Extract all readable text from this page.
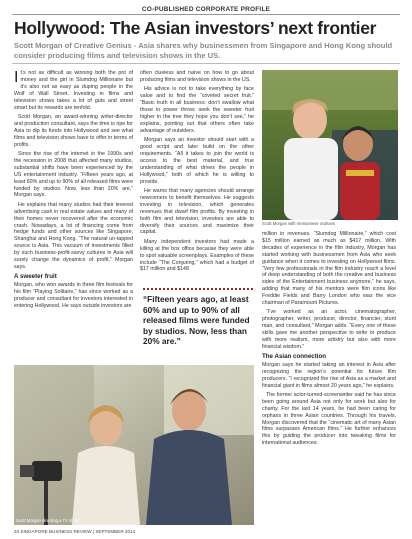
CO-PUBLISHED CORPORATE PROFILE
Hollywood: The Asian investors’ next frontier
Scott Morgan of Creative Genius - Asia shares why businessmen from Singapore and Hong Kong should consider producing films and television shows in the US.

It’s not as difficult as winning both the pot of money and the girl in Slumdog Millionaire but it’s also not as easy as duping people in the Wolf of Wall Street. Investing in films and television shows takes a lot of guts and street smart but its rewards are tenfold.

Scott Morgan, an award-winning writer-director and production consultant, says the time is ripe for Asia to dip its funds into Hollywood and see what films and television shows have to offer in terms of profits.

Since the rise of the internet in the 1990s and the recession in 2008 that affected many studios, substantial shifts have been experienced by the US entertainment industry. “Fifteen years ago, at least 60% and up to 90% of all released films were funded by studios. Now, less than 20% are,” Morgan says.

He explains that many studios had their levered advertising cash in real estate values and many of their homes never recovered after the economic crash. Nowadays, a lot of financing come from hedge funds and other sources like Singapore, Shanghai and Hong Kong. “The natural un-tapped source is Asia. This vacuum of investments filled by such business-profit-savvy cultures in Asia will surely change the dynamics of profit,” Morgan says.

A sweeter fruit

Morgan, who won awards in three film festivals for his film “Playing Solitaire,” has since worked as a producer and consultant for investors interested in entering Hollywood. He says outside investors are

often clueless and naïve on how to go about producing films and television shows in the US.

His advice is not to take everything by face value and to find the “coveted secret fruit.” “Basic truth in all business: don’t swallow what those in power throw; seek the sweeter fruit higher in the tree they hope you don’t see,” he explains, pointing out that others often take advantage of outsiders.

Morgan says an investor should start with a good script and later build on the other requirements. “All it takes to join the world is access to the best material, and true understanding of what drives the people in Hollywood,” both of which he is willing to provide.

He warns that many agencies should arrange newcomers to benefit themselves. He suggests investing in television, which generates revenues that dwarf film profits. By investing in both film and television, investors are able to diversify their sources and maximize their capital.

Many independent investors had made a killing at the box office because they were able to spot valuable screenplays. Examples of these include “The Conjuring,” which had a budget of $17 million and $148

“Fifteen years ago, at least 60% and up to 90% of all released films were funded by studios. Now, less than 20% are.”
Scott Morgan with Vietnamese orphans

million in revenues. “Slumdog Millionaire,” which cost $15 million earned as much as $417 million. With decades of experience in the film industry, Morgan has started working with businessmen from Asia who seek guidance when it comes to investing on Hollywood films. “Very few professionals in the film industry reach a level of deep understanding of both the creative and business sides of the Entertainment business anymore,” he says, adding that many of his mentors were film icons like Freddie Fields and Barry London who was the vice chairman of Paramount Pictures.

“I’ve worked as an actor, cinematographer, photographer, writer, producer, director, financier, stunt man, and consultant,” Morgan adds. “Every one of these skills gave me another perspective to write or produce with more realism, more artistry but also with more financial wisdom.”

The Asian connection

Morgan says he started taking an interest in Asia after recognizing the region’s potential for future film producers. “I recognized the rise of Asia as a market and financial giant in films almost 20 years ago,” he explains.

The former actor-turned-screenwriter said he has since been going around Asia not only for work but also for charity. For the last 14 years, he had been caring for orphans in three Asian countries. Through his travels, Morgan discovered that the “cinematic art of many Asian films surpasses American films.” He further enhances this by guiding the producer into tweaking films for international audiences.

Scott Morgan directing a TV show
34 SINGAPORE BUSINESS REVIEW | SEPTEMBER 2014
